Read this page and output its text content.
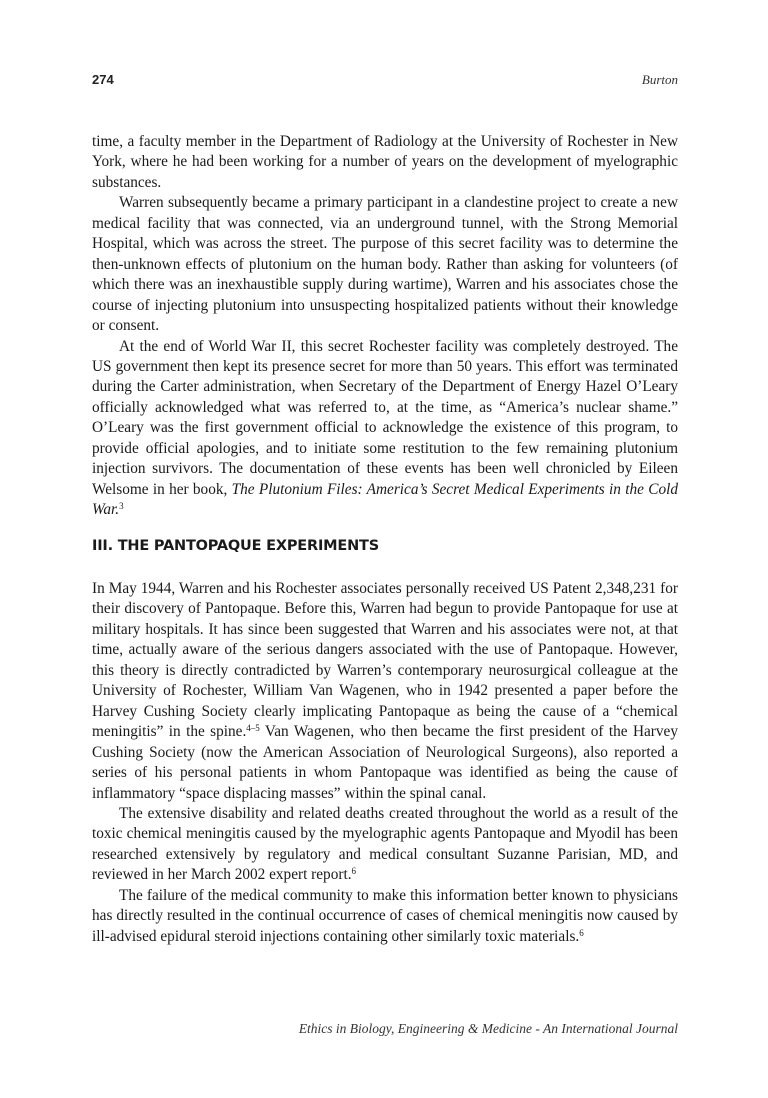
274	Burton

time, a faculty member in the Department of Radiology at the University of Rochester in New York, where he had been working for a number of years on the development of myelographic substances.

Warren subsequently became a primary participant in a clandestine project to create a new medical facility that was connected, via an underground tunnel, with the Strong Memorial Hospital, which was across the street. The purpose of this secret facility was to determine the then-unknown effects of plutonium on the human body. Rather than asking for volunteers (of which there was an inexhaustible supply during wartime), Warren and his associates chose the course of injecting plutonium into unsuspecting hospitalized patients without their knowledge or consent.

At the end of World War II, this secret Rochester facility was completely destroyed. The US government then kept its presence secret for more than 50 years. This effort was terminated during the Carter administration, when Secretary of the Department of Energy Hazel O’Leary officially acknowledged what was referred to, at the time, as “America’s nuclear shame.” O’Leary was the first government official to acknowledge the existence of this program, to provide official apologies, and to initiate some restitution to the few remaining plutonium injection survivors. The documentation of these events has been well chronicled by Eileen Welsome in her book, The Plutonium Files: America’s Secret Medical Experiments in the Cold War.$^3$

III. THE PANTOPAQUE EXPERIMENTS

In May 1944, Warren and his Rochester associates personally received US Patent 2,348,231 for their discovery of Pantopaque. Before this, Warren had begun to provide Pantopaque for use at military hospitals. It has since been suggested that Warren and his associates were not, at that time, actually aware of the serious dangers associated with the use of Pantopaque. However, this theory is directly contradicted by Warren’s contemporary neurosurgical colleague at the University of Rochester, William Van Wagenen, who in 1942 presented a paper before the Harvey Cushing Society clearly implicating Pantopaque as being the cause of a “chemical meningitis” in the spine.$^{4-5}$ Van Wagenen, who then became the first president of the Harvey Cushing Society (now the American Association of Neurological Surgeons), also reported a series of his personal patients in whom Pantopaque was identified as being the cause of inflammatory “space displacing masses” within the spinal canal.

The extensive disability and related deaths created throughout the world as a result of the toxic chemical meningitis caused by the myelographic agents Pantopaque and Myodil has been researched extensively by regulatory and medical consultant Suzanne Parisian, MD, and reviewed in her March 2002 expert report.$^6$

The failure of the medical community to make this information better known to physicians has directly resulted in the continual occurrence of cases of chemical meningitis now caused by ill-advised epidural steroid injections containing other similarly toxic materials.$^6$

Ethics in Biology, Engineering & Medicine - An International Journal
